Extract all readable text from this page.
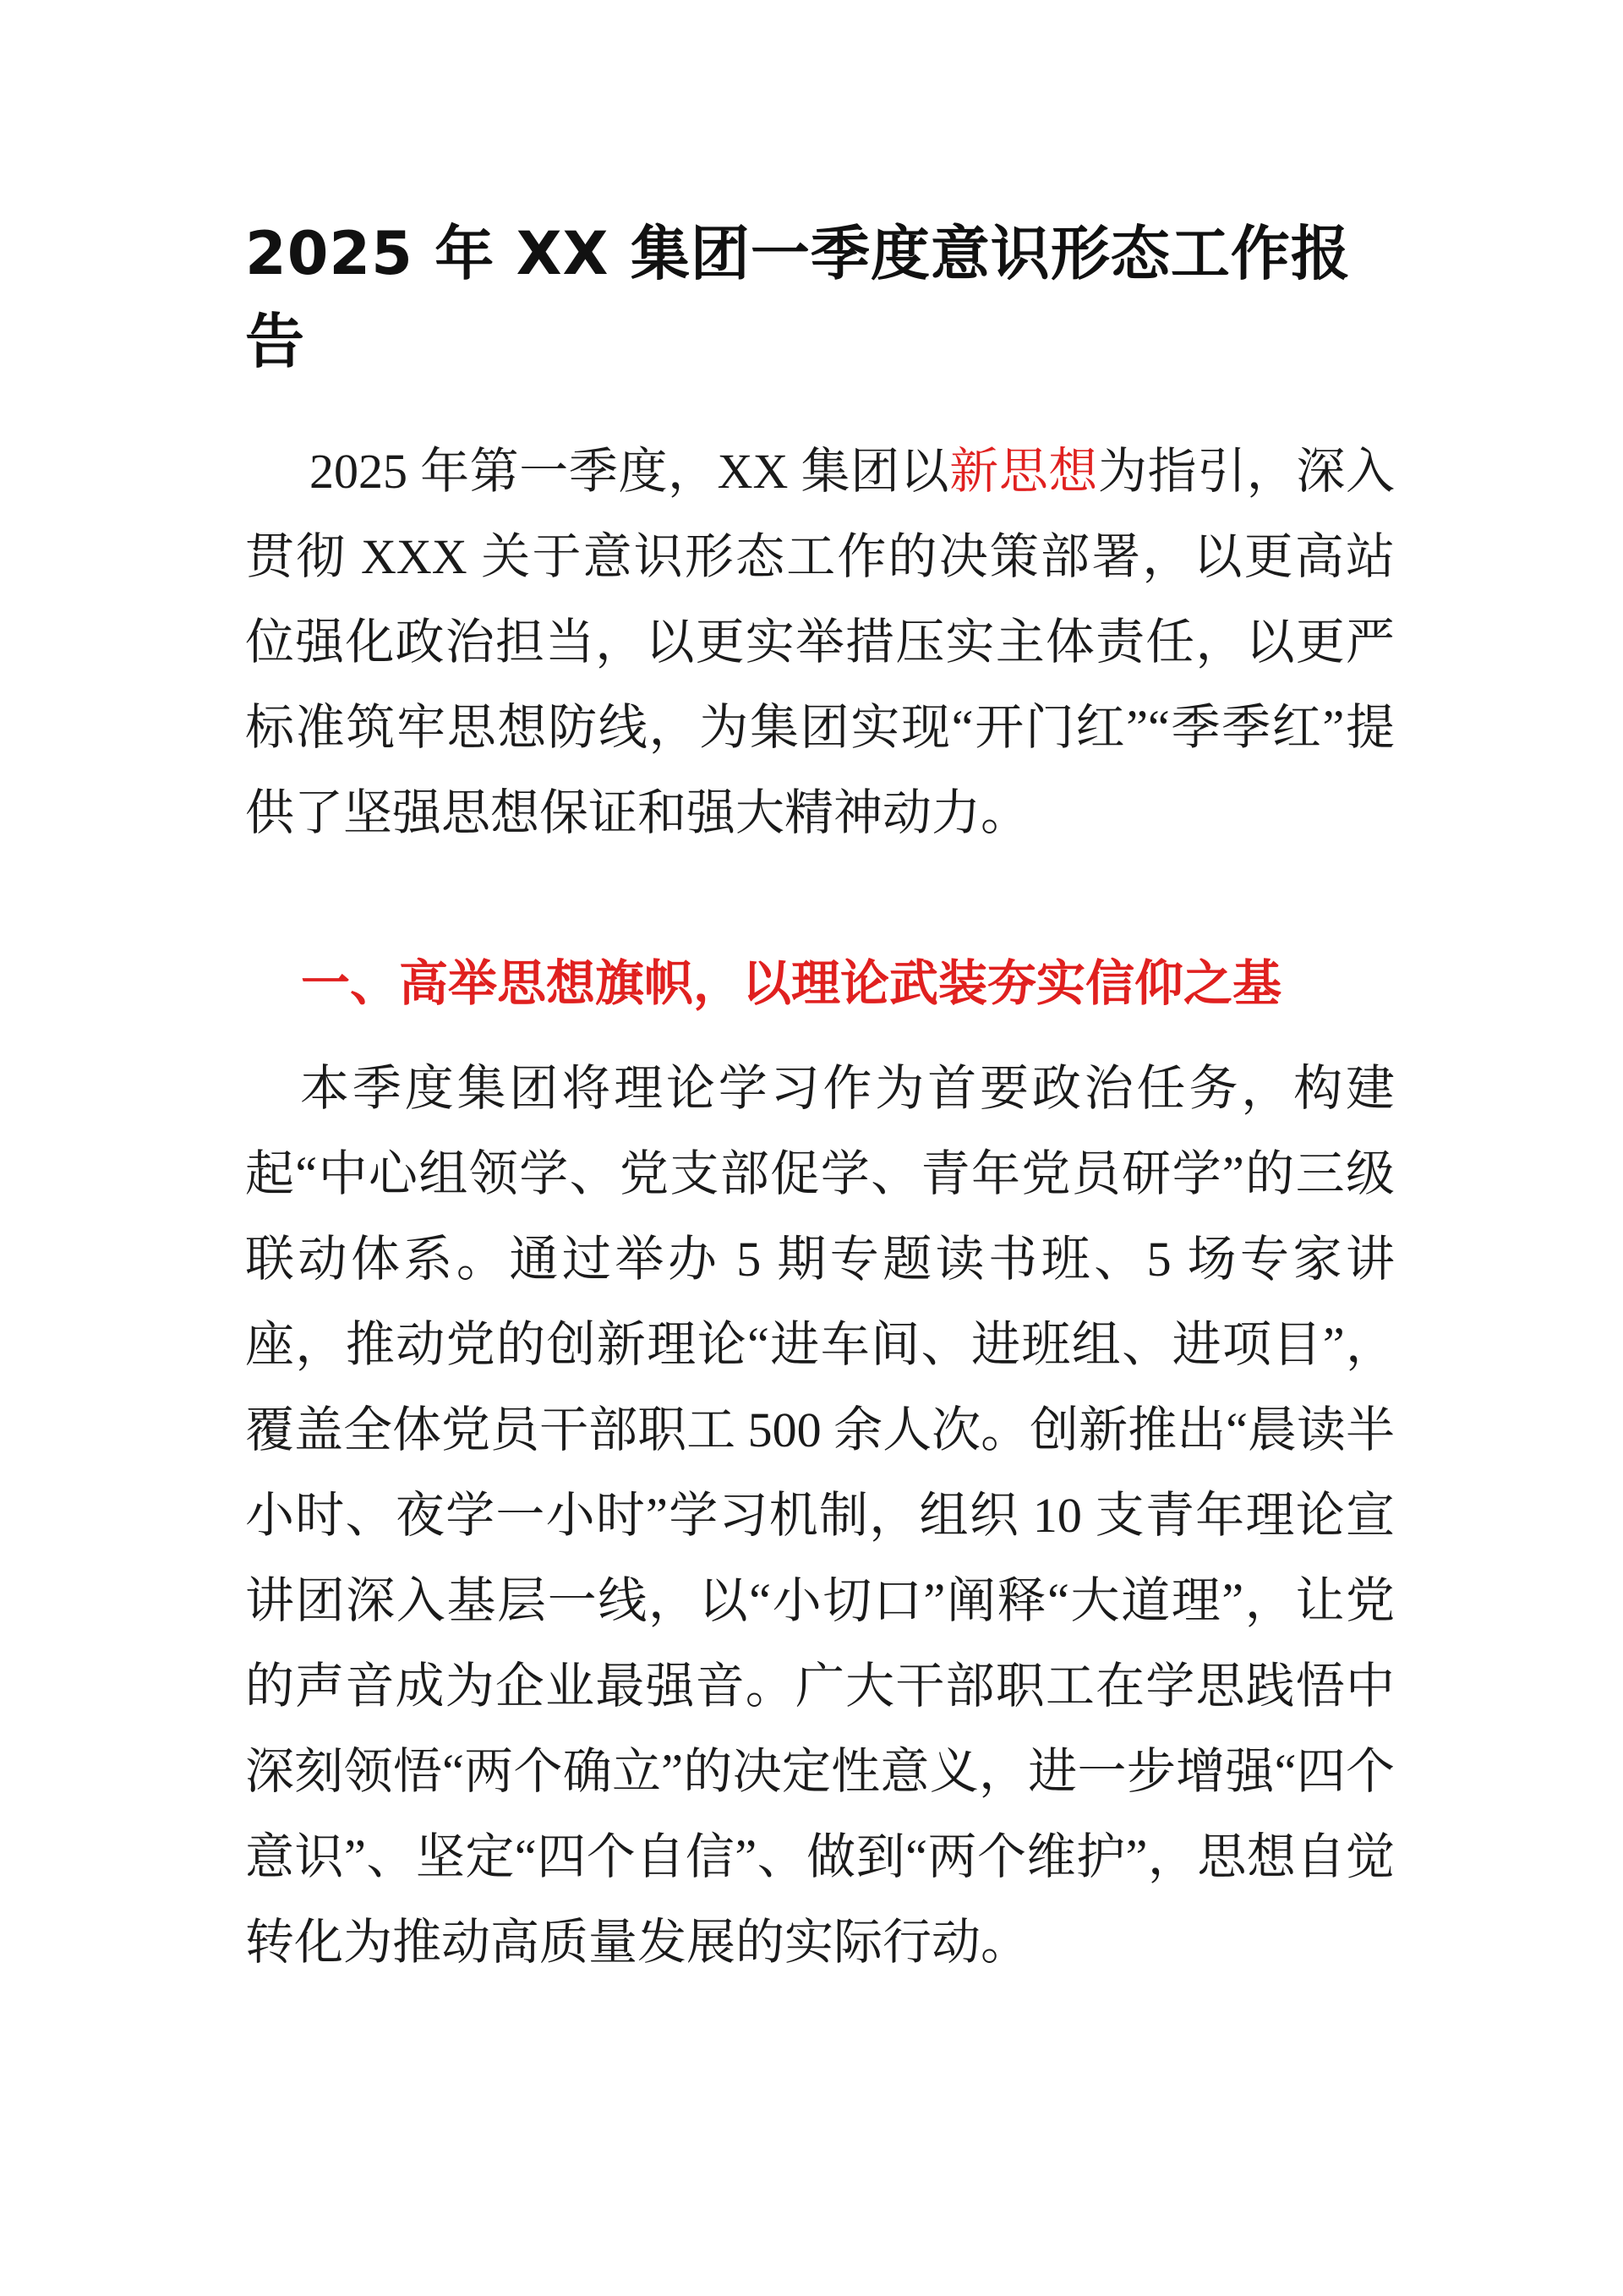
2025 年 XX 集团一季度意识形态工作报告

2025 年第一季度，XX 集团以新思想为指引，深入贯彻 XXX 关于意识形态工作的决策部署，以更高站位强化政治担当，以更实举措压实主体责任，以更严标准筑牢思想防线，为集团实现“开门红”“季季红”提供了坚强思想保证和强大精神动力。

一、高举思想旗帜，以理论武装夯实信仰之基

本季度集团将理论学习作为首要政治任务，构建起“中心组领学、党支部促学、青年党员研学”的三级联动体系。通过举办 5 期专题读书班、5 场专家讲座，推动党的创新理论“进车间、进班组、进项目”，覆盖全体党员干部职工 500 余人次。创新推出“晨读半小时、夜学一小时”学习机制，组织 10 支青年理论宣讲团深入基层一线，以“小切口”阐释“大道理”，让党的声音成为企业最强音。广大干部职工在学思践悟中深刻领悟“两个确立”的决定性意义，进一步增强“四个意识”、坚定“四个自信”、做到“两个维护”，思想自觉转化为推动高质量发展的实际行动。
